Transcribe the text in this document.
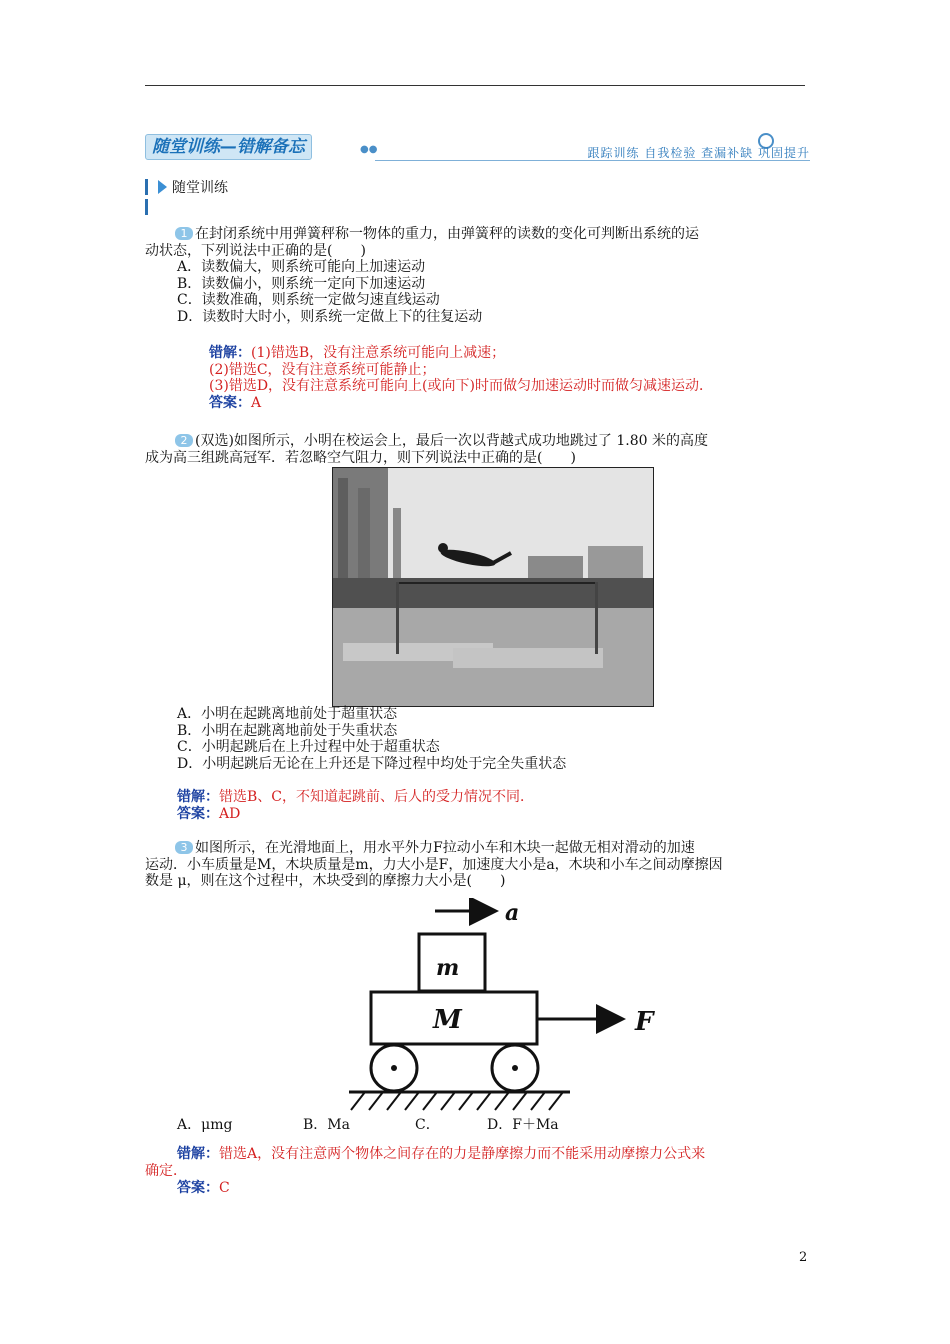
随堂训练—错解备忘	●●	跟踪训练 自我检验 查漏补缺 巩固提升
随堂训练
1 在封闭系统中用弹簧秤称一物体的重力，由弹簧秤的读数的变化可判断出系统的运
动状态，下列说法中正确的是(　　)
A．读数偏大，则系统可能向上加速运动
B．读数偏小，则系统一定向下加速运动
C．读数准确，则系统一定做匀速直线运动
D．读数时大时小，则系统一定做上下的往复运动
错解：(1)错选B，没有注意系统可能向上减速；
(2)错选C，没有注意系统可能静止；
(3)错选D，没有注意系统可能向上(或向下)时而做匀加速运动时而做匀减速运动．
答案：A
2 (双选)如图所示，小明在校运会上，最后一次以背越式成功地跳过了 1.80 米的高度
成为高三组跳高冠军．若忽略空气阻力，则下列说法中正确的是(　　)
A．小明在起跳离地前处于超重状态
B．小明在起跳离地前处于失重状态
C．小明起跳后在上升过程中处于超重状态
D．小明起跳后无论在上升还是下降过程中均处于完全失重状态
错解：错选B、C，不知道起跳前、后人的受力情况不同．
答案：AD
3 如图所示，在光滑地面上，用水平外力F拉动小车和木块一起做无相对滑动的加速
运动．小车质量是M，木块质量是m，力大小是F，加速度大小是a，木块和小车之间动摩擦因
数是 μ，则在这个过程中，木块受到的摩擦力大小是(　　)
a
m
M	F
A．μmg	B．Ma	C．	D．F＋Ma
错解：错选A，没有注意两个物体之间存在的力是静摩擦力而不能采用动摩擦力公式来
确定．
答案：C
2
